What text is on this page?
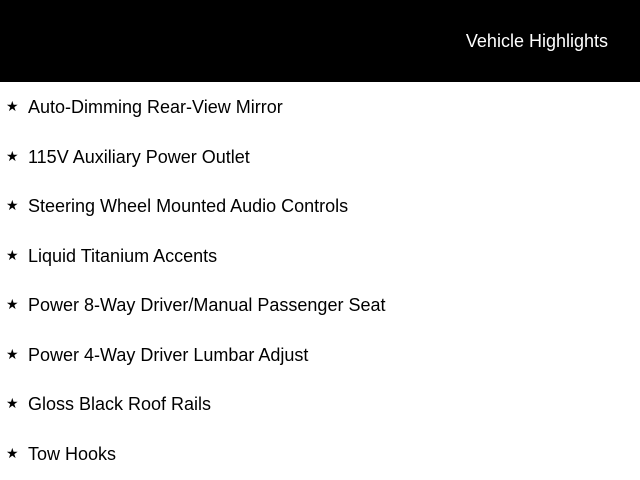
Vehicle Highlights
★ Auto-Dimming Rear-View Mirror
★ 115V Auxiliary Power Outlet
★ Steering Wheel Mounted Audio Controls
★ Liquid Titanium Accents
★ Power 8-Way Driver/Manual Passenger Seat
★ Power 4-Way Driver Lumbar Adjust
★ Gloss Black Roof Rails
★ Tow Hooks
